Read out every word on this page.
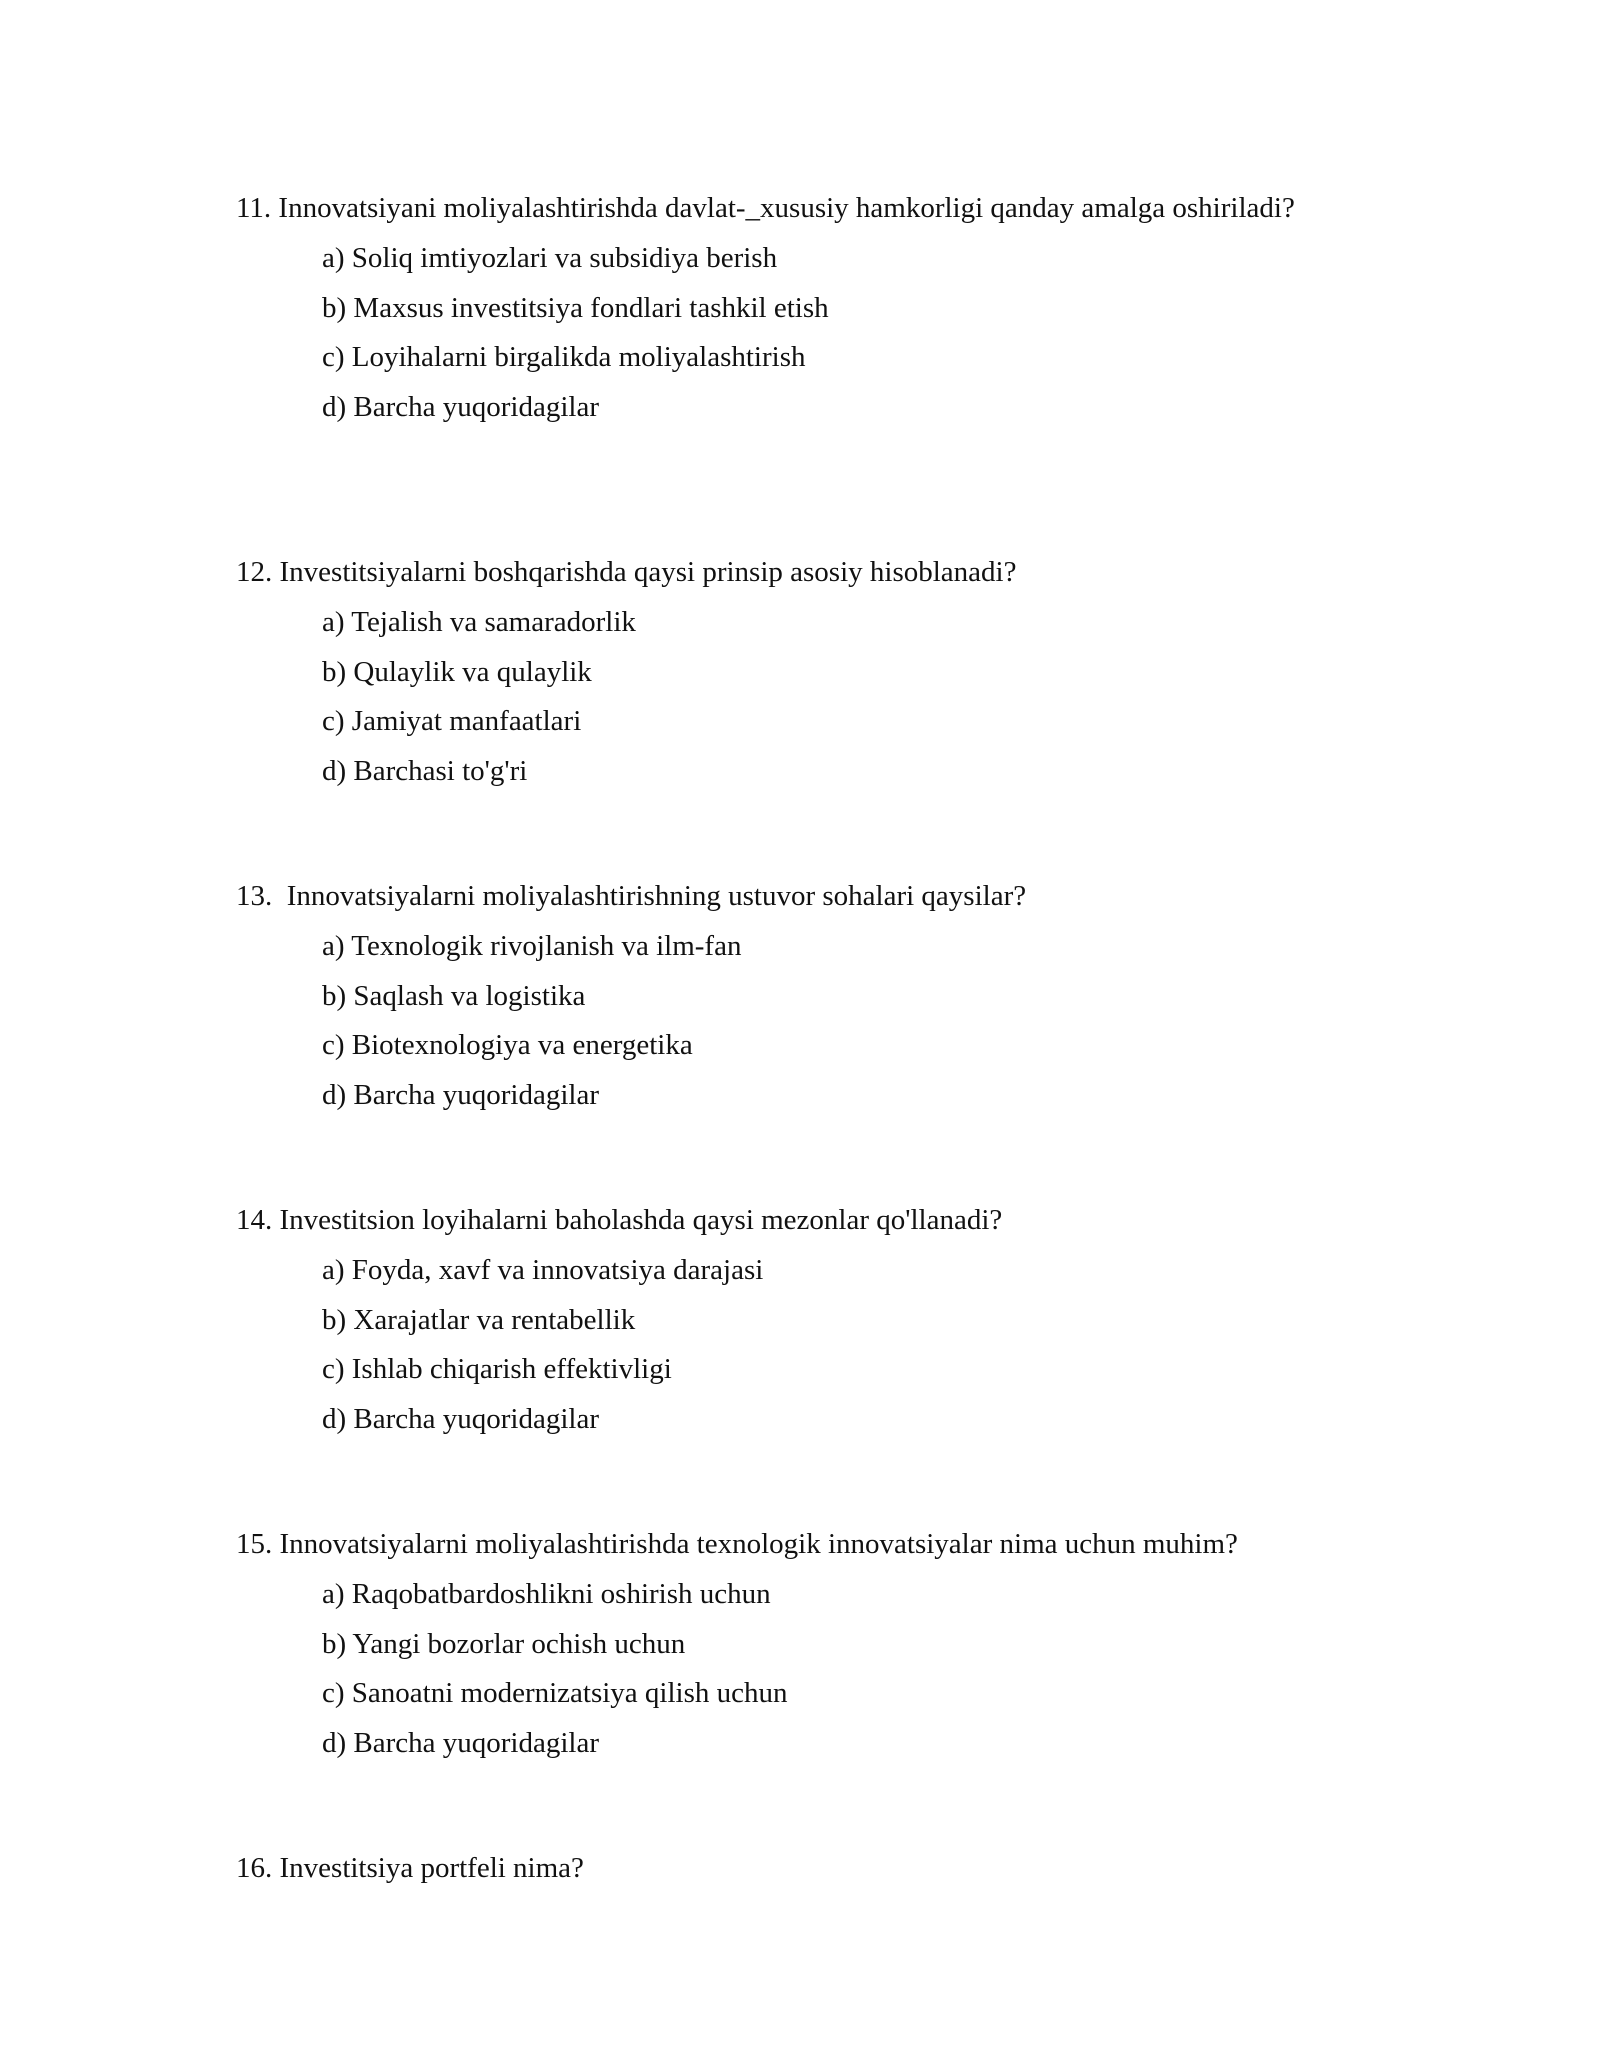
11. Innovatsiyani moliyalashtirishda davlat-_xususiy hamkorligi qanday amalga oshiriladi?

a) Soliq imtiyozlari va subsidiya berish
b) Maxsus investitsiya fondlari tashkil etish
c) Loyihalarni birgalikda moliyalashtirish
d) Barcha yuqoridagilar

12. Investitsiyalarni boshqarishda qaysi prinsip asosiy hisoblanadi?

a) Tejalish va samaradorlik
b) Qulaylik va qulaylik
c) Jamiyat manfaatlari
d) Barchasi to'g'ri

13.  Innovatsiyalarni moliyalashtirishning ustuvor sohalari qaysilar?

a) Texnologik rivojlanish va ilm-fan
b) Saqlash va logistika
c) Biotexnologiya va energetika
d) Barcha yuqoridagilar

14. Investitsion loyihalarni baholashda qaysi mezonlar qo'llanadi?

a) Foyda, xavf va innovatsiya darajasi
b) Xarajatlar va rentabellik
c) Ishlab chiqarish effektivligi
d) Barcha yuqoridagilar

15. Innovatsiyalarni moliyalashtirishda texnologik innovatsiyalar nima uchun muhim?

a) Raqobatbardoshlikni oshirish uchun
b) Yangi bozorlar ochish uchun
c) Sanoatni modernizatsiya qilish uchun
d) Barcha yuqoridagilar

16. Investitsiya portfeli nima?
